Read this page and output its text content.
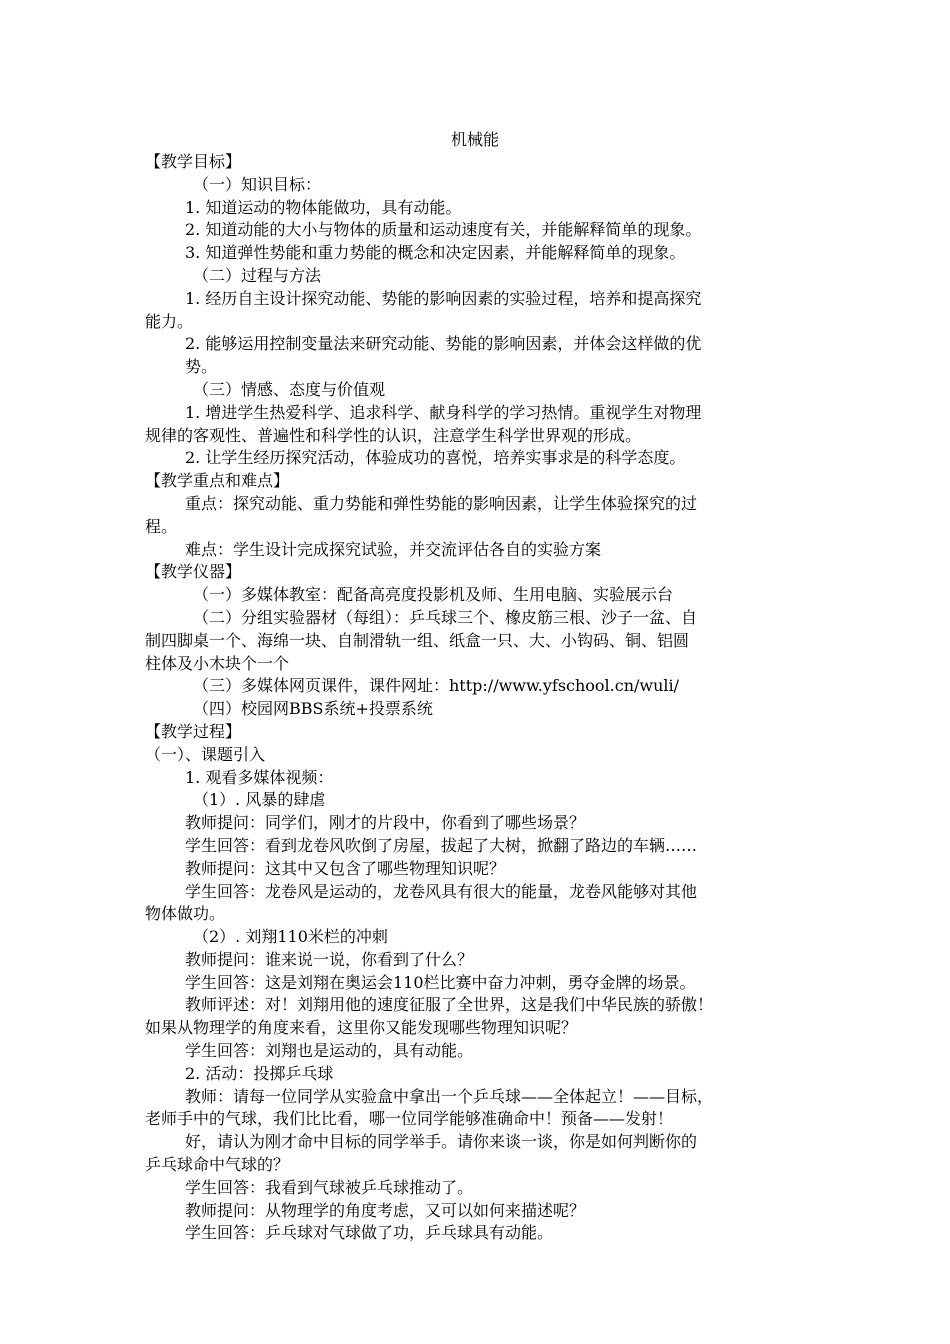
机械能

【教学目标】

（一）知识目标：

1. 知道运动的物体能做功，具有动能。

2. 知道动能的大小与物体的质量和运动速度有关，并能解释简单的现象。

3. 知道弹性势能和重力势能的概念和决定因素，并能解释简单的现象。

（二）过程与方法

1. 经历自主设计探究动能、势能的影响因素的实验过程，培养和提高探究

能力。

2. 能够运用控制变量法来研究动能、势能的影响因素，并体会这样做的优

势。

（三）情感、态度与价值观

1. 增进学生热爱科学、追求科学、献身科学的学习热情。重视学生对物理

规律的客观性、普遍性和科学性的认识，注意学生科学世界观的形成。

2. 让学生经历探究活动，体验成功的喜悦，培养实事求是的科学态度。

【教学重点和难点】

重点：探究动能、重力势能和弹性势能的影响因素，让学生体验探究的过

程。

难点：学生设计完成探究试验，并交流评估各自的实验方案

【教学仪器】

（一）多媒体教室：配备高亮度投影机及师、生用电脑、实验展示台

（二）分组实验器材（每组）：乒乓球三个、橡皮筋三根、沙子一盆、自

制四脚桌一个、海绵一块、自制滑轨一组、纸盒一只、大、小钩码、铜、铝圆

柱体及小木块个一个

（三）多媒体网页课件，课件网址：http://www.yfschool.cn/wuli/

（四）校园网BBS系统+投票系统

【教学过程】

（一）、课题引入

1. 观看多媒体视频：

（1）. 风暴的肆虐

教师提问：同学们，刚才的片段中，你看到了哪些场景？

学生回答：看到龙卷风吹倒了房屋，拔起了大树，掀翻了路边的车辆……

教师提问：这其中又包含了哪些物理知识呢？

学生回答：龙卷风是运动的，龙卷风具有很大的能量，龙卷风能够对其他

物体做功。

（2）. 刘翔110米栏的冲刺

教师提问：谁来说一说，你看到了什么？

学生回答：这是刘翔在奥运会110栏比赛中奋力冲刺，勇夺金牌的场景。

教师评述：对！刘翔用他的速度征服了全世界，这是我们中华民族的骄傲！

如果从物理学的角度来看，这里你又能发现哪些物理知识呢？

学生回答：刘翔也是运动的，具有动能。

2. 活动：投掷乒乓球

教师：请每一位同学从实验盒中拿出一个乒乓球——全体起立！——目标，

老师手中的气球，我们比比看，哪一位同学能够准确命中！预备——发射！

好，请认为刚才命中目标的同学举手。请你来谈一谈，你是如何判断你的

乒乓球命中气球的？

学生回答：我看到气球被乒乓球推动了。

教师提问：从物理学的角度考虑，又可以如何来描述呢？

学生回答：乒乓球对气球做了功，乒乓球具有动能。
